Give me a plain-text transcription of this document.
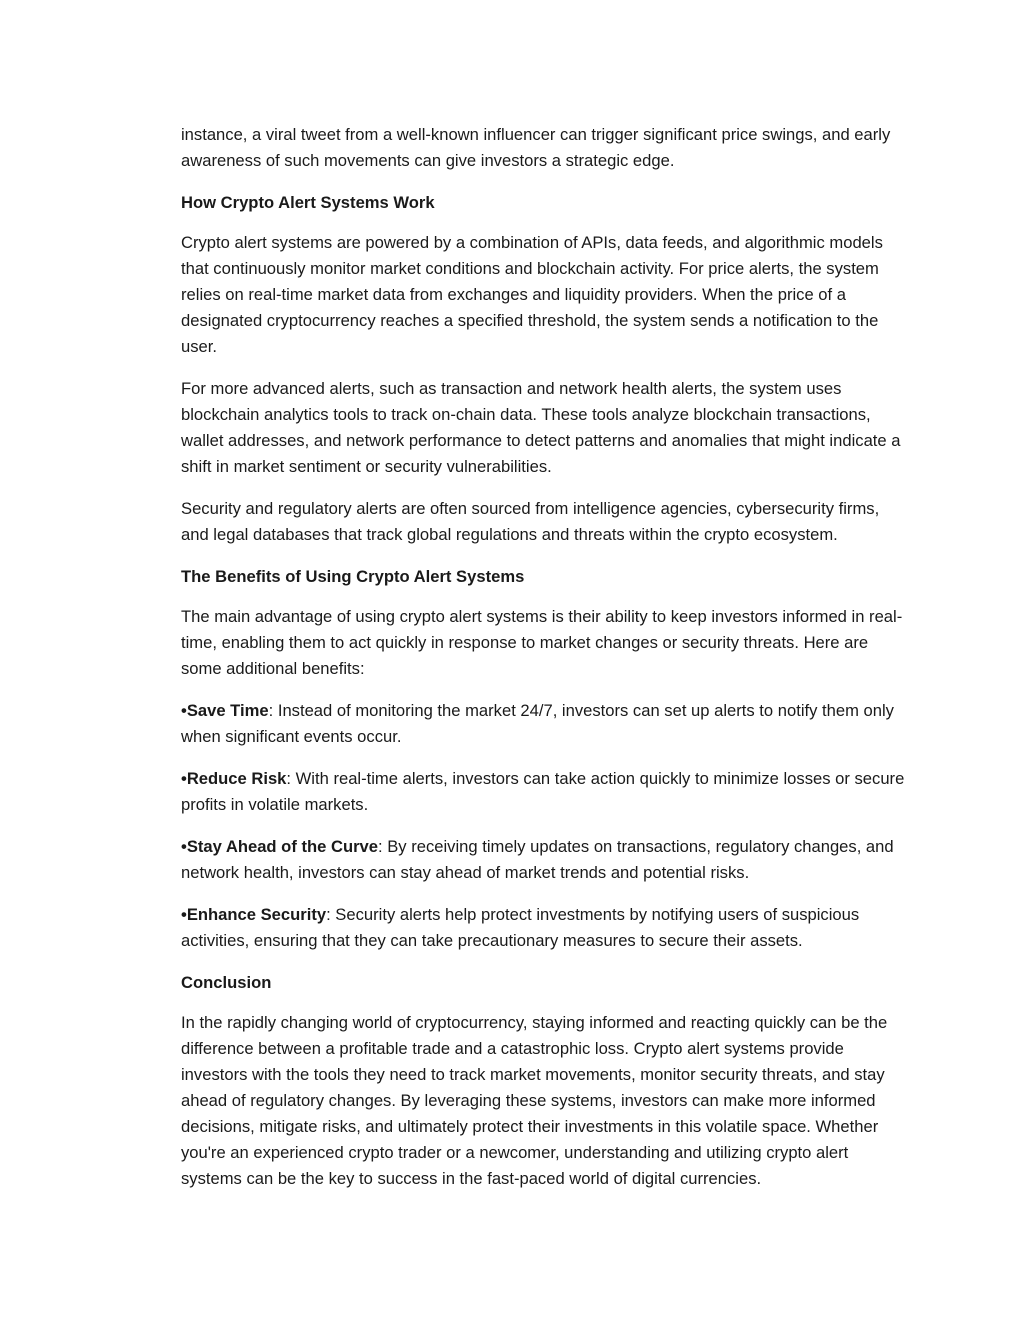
instance, a viral tweet from a well-known influencer can trigger significant price swings, and early awareness of such movements can give investors a strategic edge.

How Crypto Alert Systems Work

Crypto alert systems are powered by a combination of APIs, data feeds, and algorithmic models that continuously monitor market conditions and blockchain activity. For price alerts, the system relies on real-time market data from exchanges and liquidity providers. When the price of a designated cryptocurrency reaches a specified threshold, the system sends a notification to the user.

For more advanced alerts, such as transaction and network health alerts, the system uses blockchain analytics tools to track on-chain data. These tools analyze blockchain transactions, wallet addresses, and network performance to detect patterns and anomalies that might indicate a shift in market sentiment or security vulnerabilities.

Security and regulatory alerts are often sourced from intelligence agencies, cybersecurity firms, and legal databases that track global regulations and threats within the crypto ecosystem.

The Benefits of Using Crypto Alert Systems

The main advantage of using crypto alert systems is their ability to keep investors informed in real-time, enabling them to act quickly in response to market changes or security threats. Here are some additional benefits:

•Save Time: Instead of monitoring the market 24/7, investors can set up alerts to notify them only when significant events occur.

•Reduce Risk: With real-time alerts, investors can take action quickly to minimize losses or secure profits in volatile markets.

•Stay Ahead of the Curve: By receiving timely updates on transactions, regulatory changes, and network health, investors can stay ahead of market trends and potential risks.

•Enhance Security: Security alerts help protect investments by notifying users of suspicious activities, ensuring that they can take precautionary measures to secure their assets.

Conclusion

In the rapidly changing world of cryptocurrency, staying informed and reacting quickly can be the difference between a profitable trade and a catastrophic loss. Crypto alert systems provide investors with the tools they need to track market movements, monitor security threats, and stay ahead of regulatory changes. By leveraging these systems, investors can make more informed decisions, mitigate risks, and ultimately protect their investments in this volatile space. Whether you're an experienced crypto trader or a newcomer, understanding and utilizing crypto alert systems can be the key to success in the fast-paced world of digital currencies.
